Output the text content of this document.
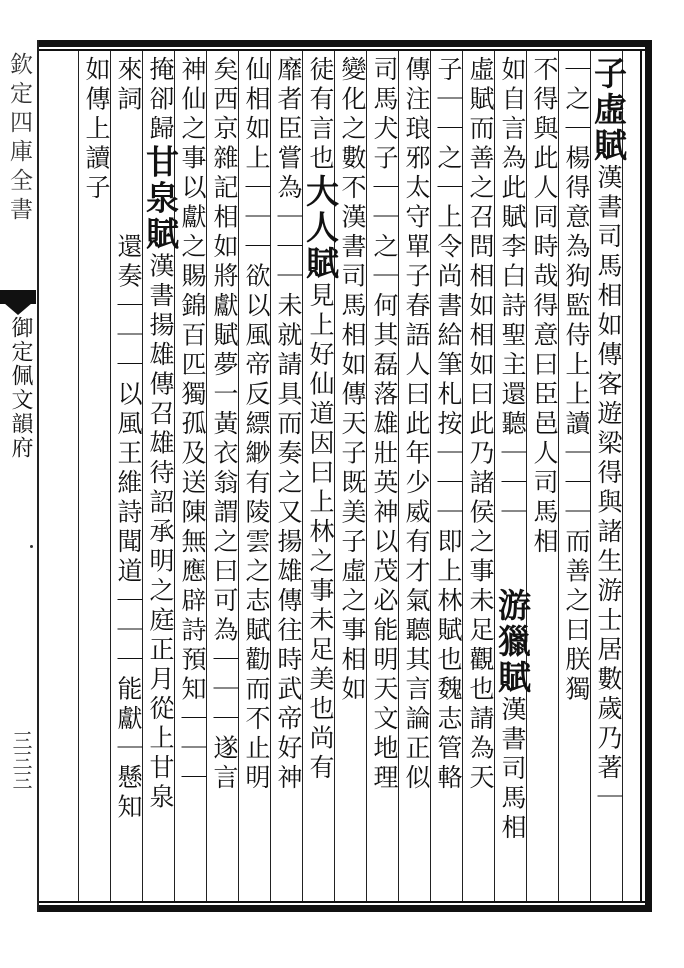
欽定四庫全書
御定佩文韻府
三三三
子虛賦漢書司馬相如傳客遊梁得與諸生游士居數歲乃著｜
｜之｜楊得意為狗監侍上上讀｜｜｜而善之曰朕獨
不得與此人同時哉得意曰臣邑人司馬相
如自言為此賦李白詩聖主還聽｜｜｜游獵賦漢書司馬相
虛賦而善之召問相如相如曰此乃諸侯之事未足觀也請為天
子｜｜之｜上令尚書給筆札按｜｜｜即上林賦也魏志管輅
傳注琅邪太守單子春語人曰此年少威有才氣聽其言論正似
司馬犬子｜｜之｜何其磊落雄壯英神以茂必能明天文地理
變化之數不漢書司馬相如傳天子既美子虛之事相如
徒有言也大人賦見上好仙道因曰上林之事未足美也尚有
靡者臣嘗為｜｜｜未就請具而奏之又揚雄傳往時武帝好神
仙相如上｜｜｜欲以風帝反縹緲有陵雲之志賦勸而不止明
矣西京雜記相如將獻賦夢一黃衣翁謂之曰可為｜｜｜遂言
神仙之事以獻之賜錦百匹獨孤及送陳無應辟詩預知｜｜｜
掩卻歸甘泉賦漢書揚雄傳召雄待詔承明之庭正月從上甘泉
來詞還奏｜｜｜以風王維詩聞道｜｜｜能獻｜懸知
如傳上讀子
